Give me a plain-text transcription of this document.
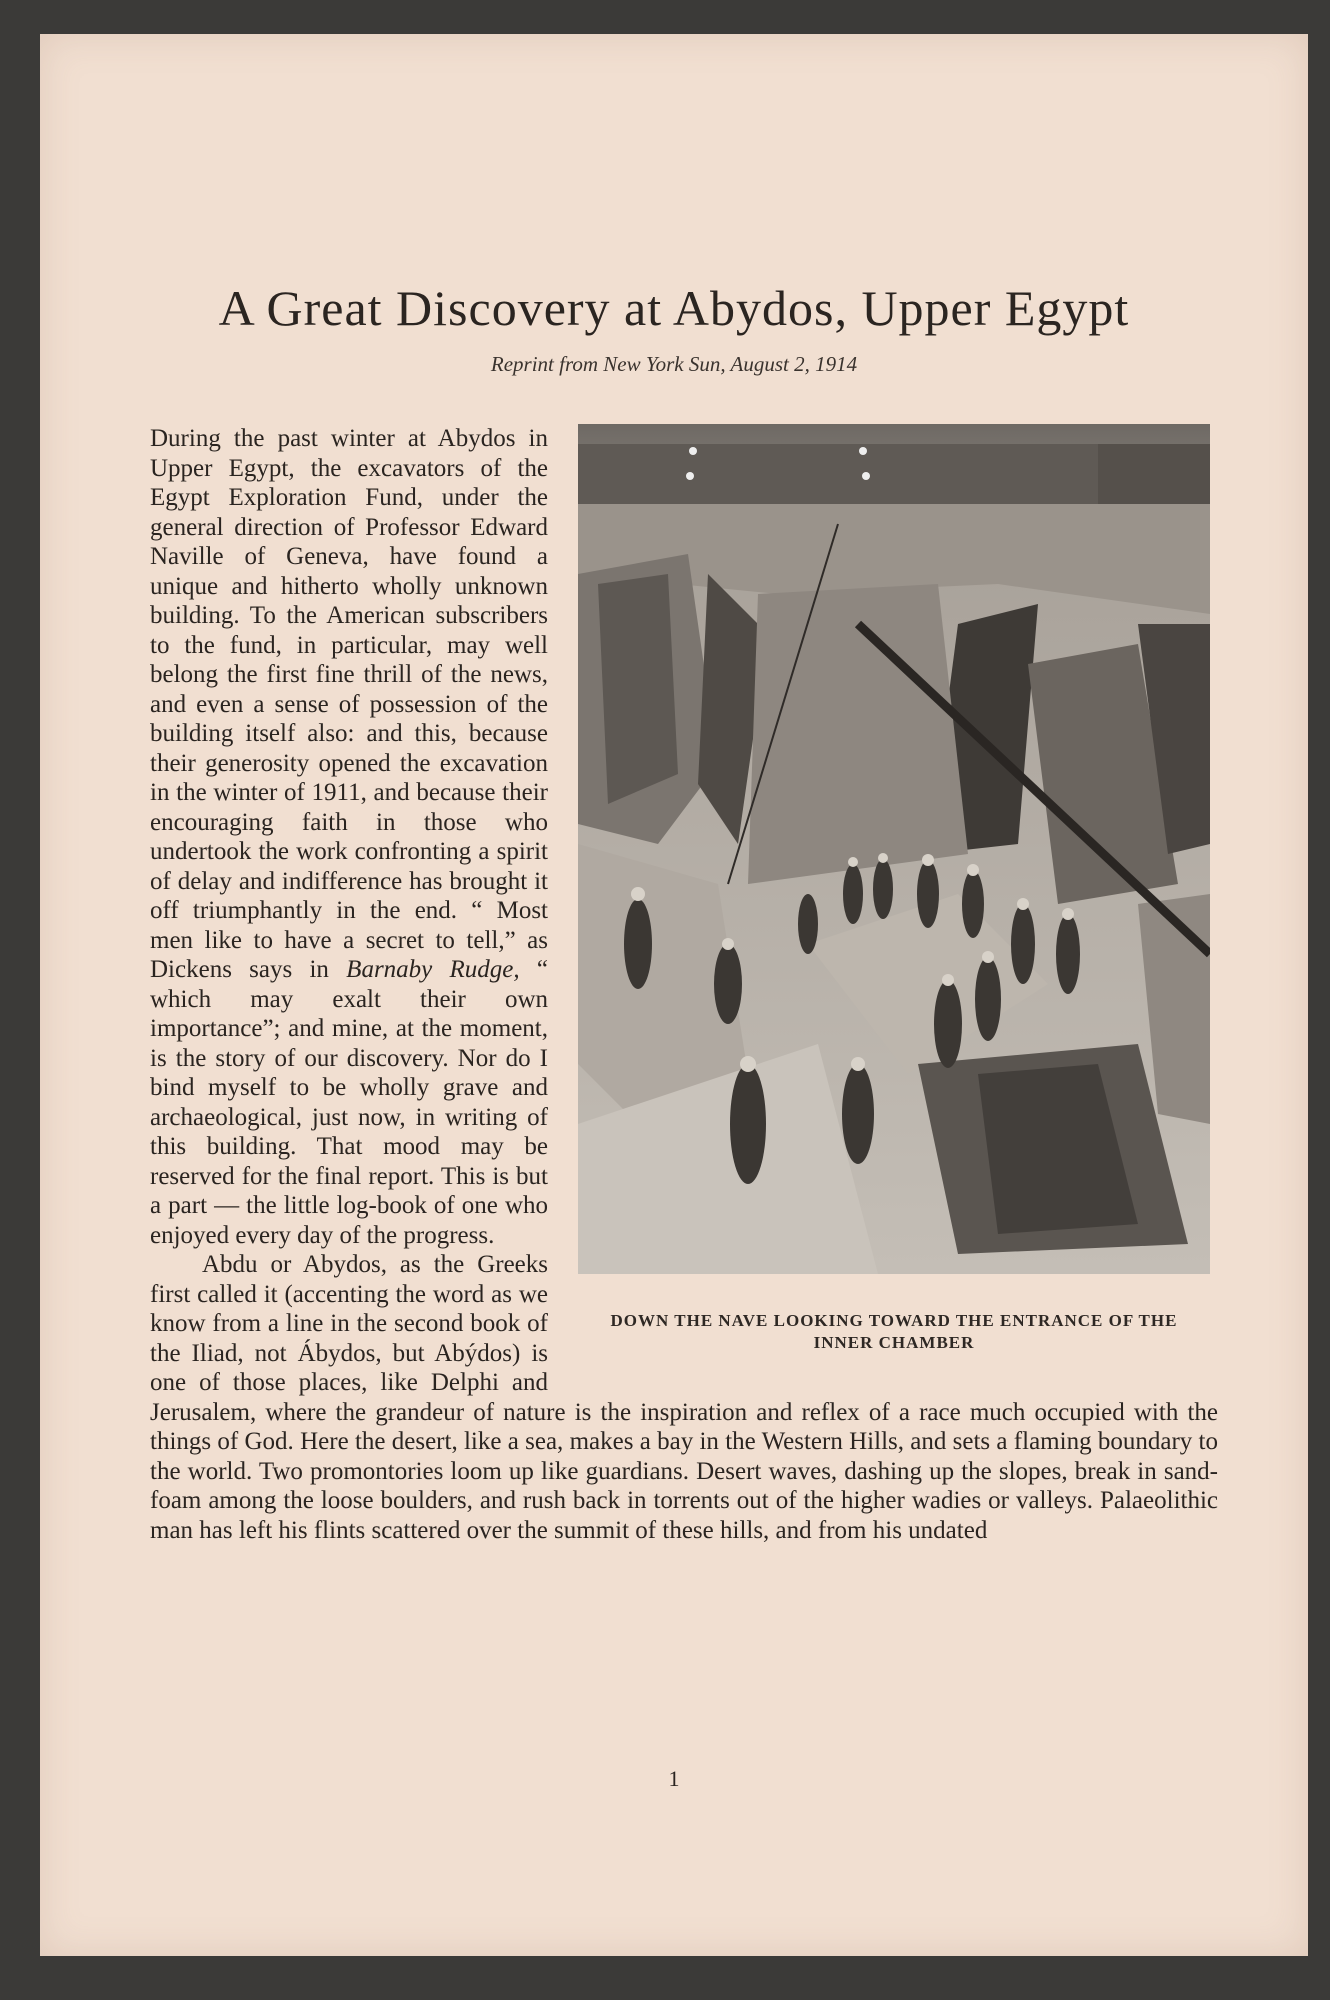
A Great Discovery at Abydos, Upper Egypt
Reprint from New York Sun, August 2, 1914
DOWN THE NAVE LOOKING TOWARD THE ENTRANCE OF THE
INNER CHAMBER

During the past winter at Abydos in Upper Egypt, the excavators of the Egypt Exploration Fund, under the general direction of Professor Edward Naville of Geneva, have found a unique and hitherto wholly unknown building. To the American subscribers to the fund, in particular, may well belong the first fine thrill of the news, and even a sense of possession of the building itself also: and this, because their generosity opened the excavation in the winter of 1911, and because their encouraging faith in those who undertook the work confronting a spirit of delay and indifference has brought it off triumphantly in the end. “ Most men like to have a secret to tell,” as Dickens says in Barnaby Rudge, “ which may exalt their own importance”; and mine, at the moment, is the story of our discovery. Nor do I bind myself to be wholly grave and archaeological, just now, in writing of this building. That mood may be reserved for the final report. This is but a part — the little log-book of one who enjoyed every day of the progress.

Abdu or Abydos, as the Greeks first called it (accenting the word as we know from a line in the second book of the Iliad, not Ábydos, but Abýdos) is one of those places, like Delphi and Jerusalem, where the grandeur of nature is the inspiration and reflex of a race much occupied with the things of God. Here the desert, like a sea, makes a bay in the Western Hills, and sets a flaming boundary to the world. Two promontories loom up like guardians. Desert waves, dashing up the slopes, break in sand-foam among the loose boulders, and rush back in torrents out of the higher wadies or valleys. Palaeolithic man has left his flints scattered over the summit of these hills, and from his undated

1
